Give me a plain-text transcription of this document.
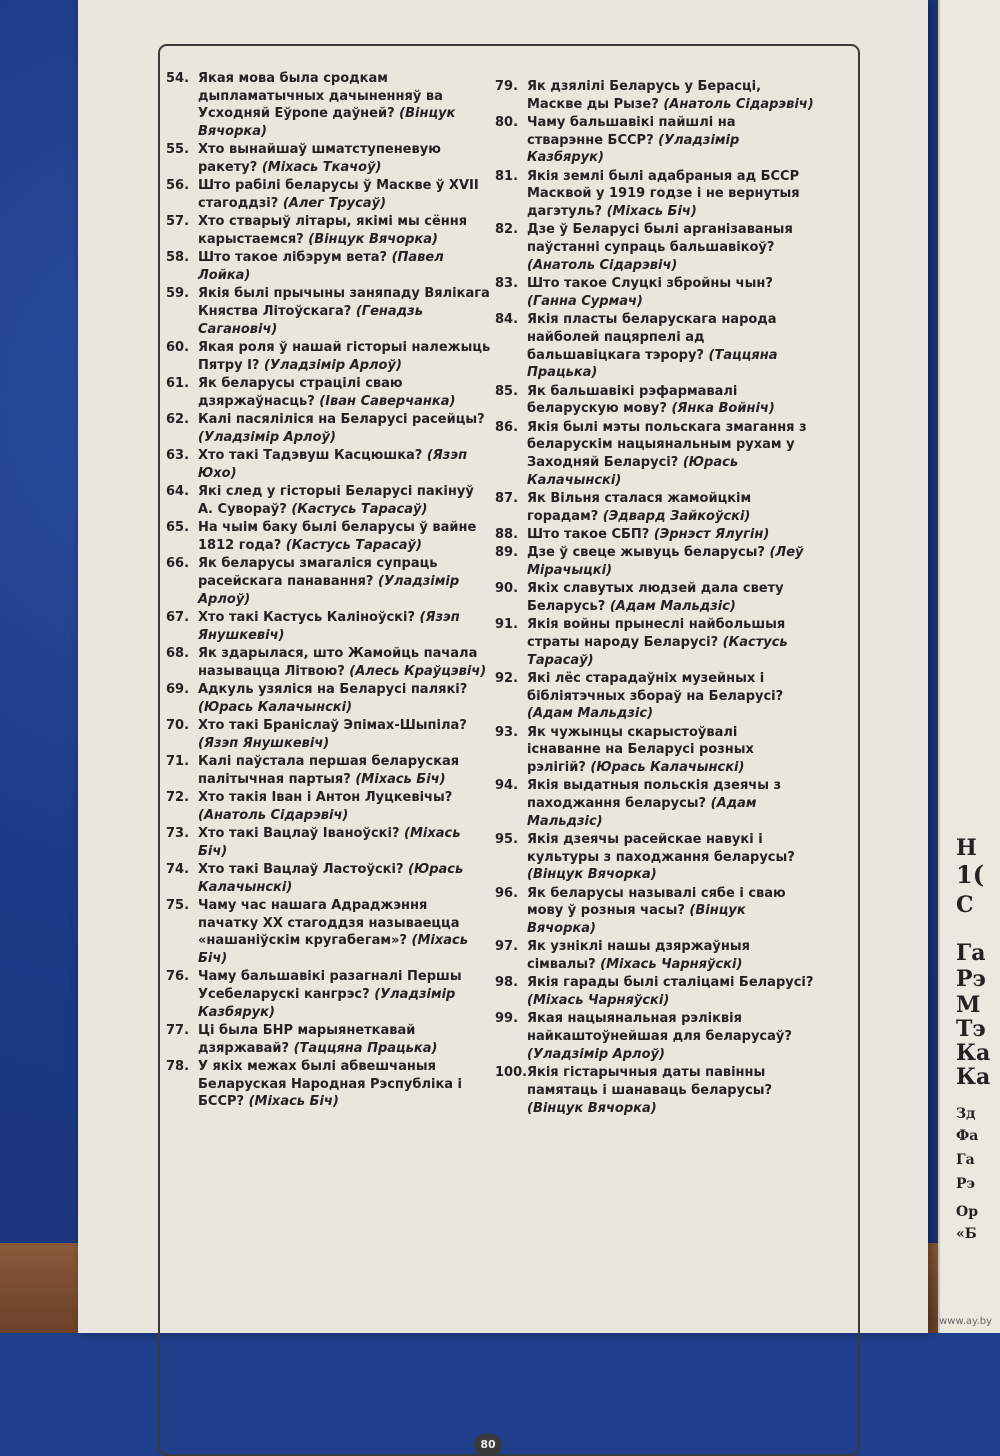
Н
1(
С
Га
Рэ
М
Тэ
Ка
Ка
Зд
Фа
Га
Рэ
Ор
«Б
54. Якая мова была сродкам дыпламатычных дачыненняў ва Усходняй Еўропе даўней? (Вінцук Вячорка)
55. Хто вынайшаў шматступеневую ракету? (Міхась Ткачоў)
56. Што рабілі беларусы ў Маскве ў XVII стагоддзі? (Алег Трусаў)
57. Хто стварыў літары, якімі мы сёння карыстаемся? (Вінцук Вячорка)
58. Што такое лібэрум вета? (Павел Лойка)
59. Якія былі прычыны заняпаду Вялікага Княства Літоўскага? (Генадзь Сагановіч)
60. Якая роля ў нашай гісторыі належыць Пятру I? (Уладзімір Арлоў)
61. Як беларусы страцілі сваю дзяржаўнасць? (Іван Саверчанка)
62. Калі пасяліліся на Беларусі расейцы? (Уладзімір Арлоў)
63. Хто такі Тадэвуш Касцюшка? (Язэп Юхо)
64. Які след у гісторыі Беларусі пакінуў А. Сувораў? (Кастусь Тарасаў)
65. На чыім баку былі беларусы ў вайне 1812 года? (Кастусь Тарасаў)
66. Як беларусы змагаліся супраць расейскага панавання? (Уладзімір Арлоў)
67. Хто такі Кастусь Каліноўскі? (Язэп Янушкевіч)
68. Як здарылася, што Жамойць пачала называцца Літвою? (Алесь Краўцэвіч)
69. Адкуль узяліся на Беларусі палякі? (Юрась Калачынскі)
70. Хто такі Браніслаў Эпімах-Шыпіла? (Язэп Янушкевіч)
71. Калі паўстала першая беларуская палітычная партыя? (Міхась Біч)
72. Хто такія Іван і Антон Луцкевічы? (Анатоль Сідарэвіч)
73. Хто такі Вацлаў Іваноўскі? (Міхась Біч)
74. Хто такі Вацлаў Ластоўскі? (Юрась Калачынскі)
75. Чаму час нашага Адраджэння пачатку XX стагоддзя называецца «нашаніўскім кругабегам»? (Міхась Біч)
76. Чаму бальшавікі разагналі Першы Усебеларускі кангрэс? (Уладзімір Казбярук)
77. Ці была БНР марыянеткавай дзяржавай? (Таццяна Працька)
78. У якіх межах былі абвешчаныя Беларуская Народная Рэспубліка і БССР? (Міхась Біч)
79. Як дзялілі Беларусь у Берасці, Маскве ды Рызе? (Анатоль Сідарэвіч)
80. Чаму бальшавікі пайшлі на стварэнне БССР? (Уладзімір Казбярук)
81. Якія землі былі адабраныя ад БССР Масквой у 1919 годзе і не вернутыя дагэтуль? (Міхась Біч)
82. Дзе ў Беларусі былі арганізаваныя паўстанні супраць бальшавікоў? (Анатоль Сідарэвіч)
83. Што такое Слуцкі збройны чын? (Ганна Сурмач)
84. Якія пласты беларускага народа найболей пацярпелі ад бальшавіцкага тэрору? (Таццяна Працька)
85. Як бальшавікі рэфармавалі беларускую мову? (Янка Войніч)
86. Якія былі мэты польскага змагання з беларускім нацыянальным рухам у Заходняй Беларусі? (Юрась Калачынскі)
87. Як Вільня сталася жамойцкім горадам? (Эдвард Зайкоўскі)
88. Што такое СБП? (Эрнэст Ялугін)
89. Дзе ў свеце жывуць беларусы? (Леў Мірачыцкі)
90. Якіх славутых людзей дала свету Беларусь? (Адам Мальдзіс)
91. Якія войны прынеслі найбольшыя страты народу Беларусі? (Кастусь Тарасаў)
92. Які лёс старадаўніх музейных і бібліятэчных збораў на Беларусі? (Адам Мальдзіс)
93. Як чужынцы скарыстоўвалі існаванне на Беларусі розных рэлігій? (Юрась Калачынскі)
94. Якія выдатныя польскія дзеячы з паходжання беларусы? (Адам Мальдзіс)
95. Якія дзеячы расейскае навукі і культуры з паходжання беларусы? (Вінцук Вячорка)
96. Як беларусы называлі сябе і сваю мову ў розныя часы? (Вінцук Вячорка)
97. Як узніклі нашы дзяржаўныя сімвалы? (Міхась Чарняўскі)
98. Якія гарады былі сталіцамі Беларусі? (Міхась Чарняўскі)
99. Якая нацыянальная рэліквія найкаштоўнейшая для беларусаў? (Уладзімір Арлоў)
100. Якія гістарычныя даты павінны памятаць і шанаваць беларусы? (Вінцук Вячорка)
80
www.ay.by
